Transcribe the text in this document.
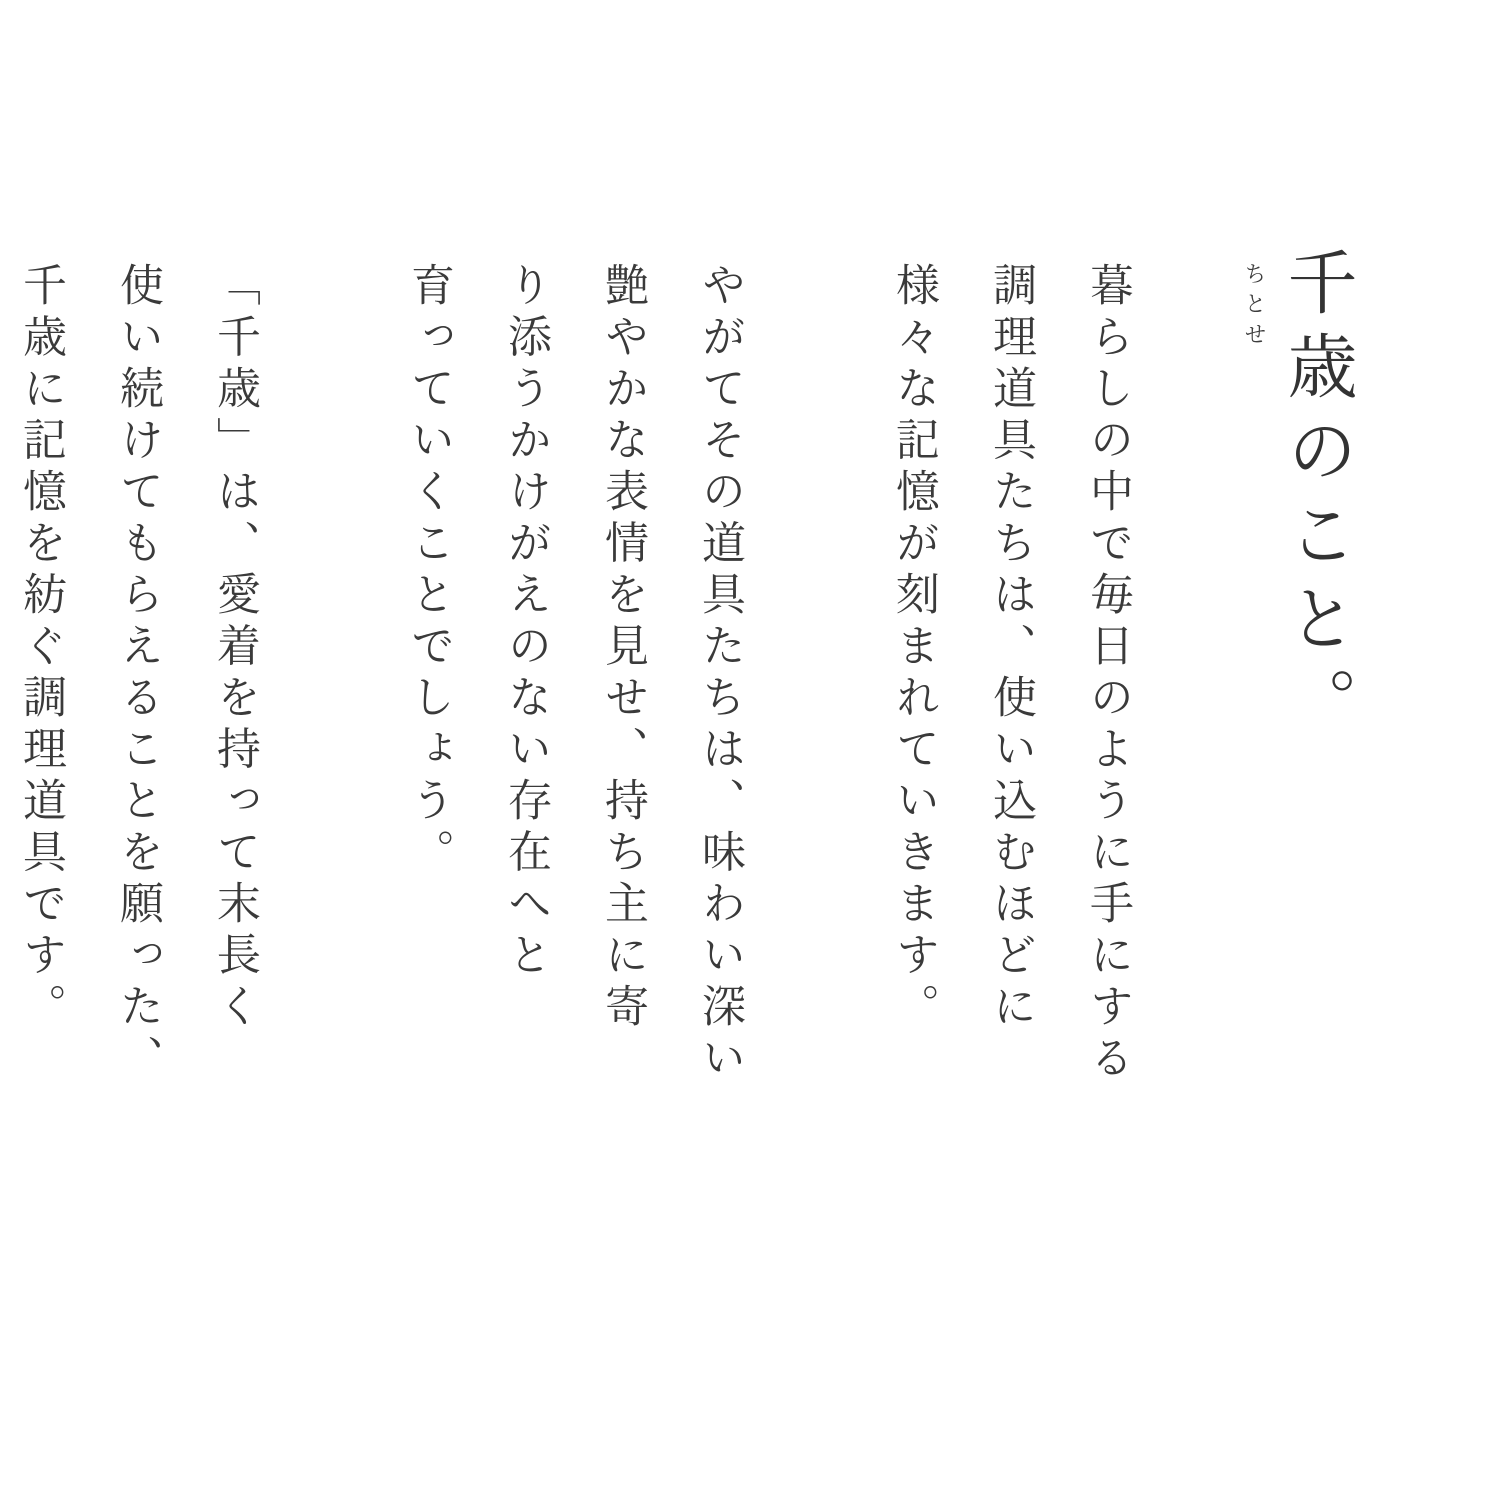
千歳のこと。
ちとせ
暮らしの中で毎日のように手にする
調理道具たちは、使い込むほどに
様々な記憶が刻まれていきます。
やがてその道具たちは、味わい深い
艶やかな表情を見せ、持ち主に寄
り添うかけがえのない存在へと
育っていくことでしょう。
「千歳」は、愛着を持って末長く
使い続けてもらえることを願った、
千歳に記憶を紡ぐ調理道具です。
